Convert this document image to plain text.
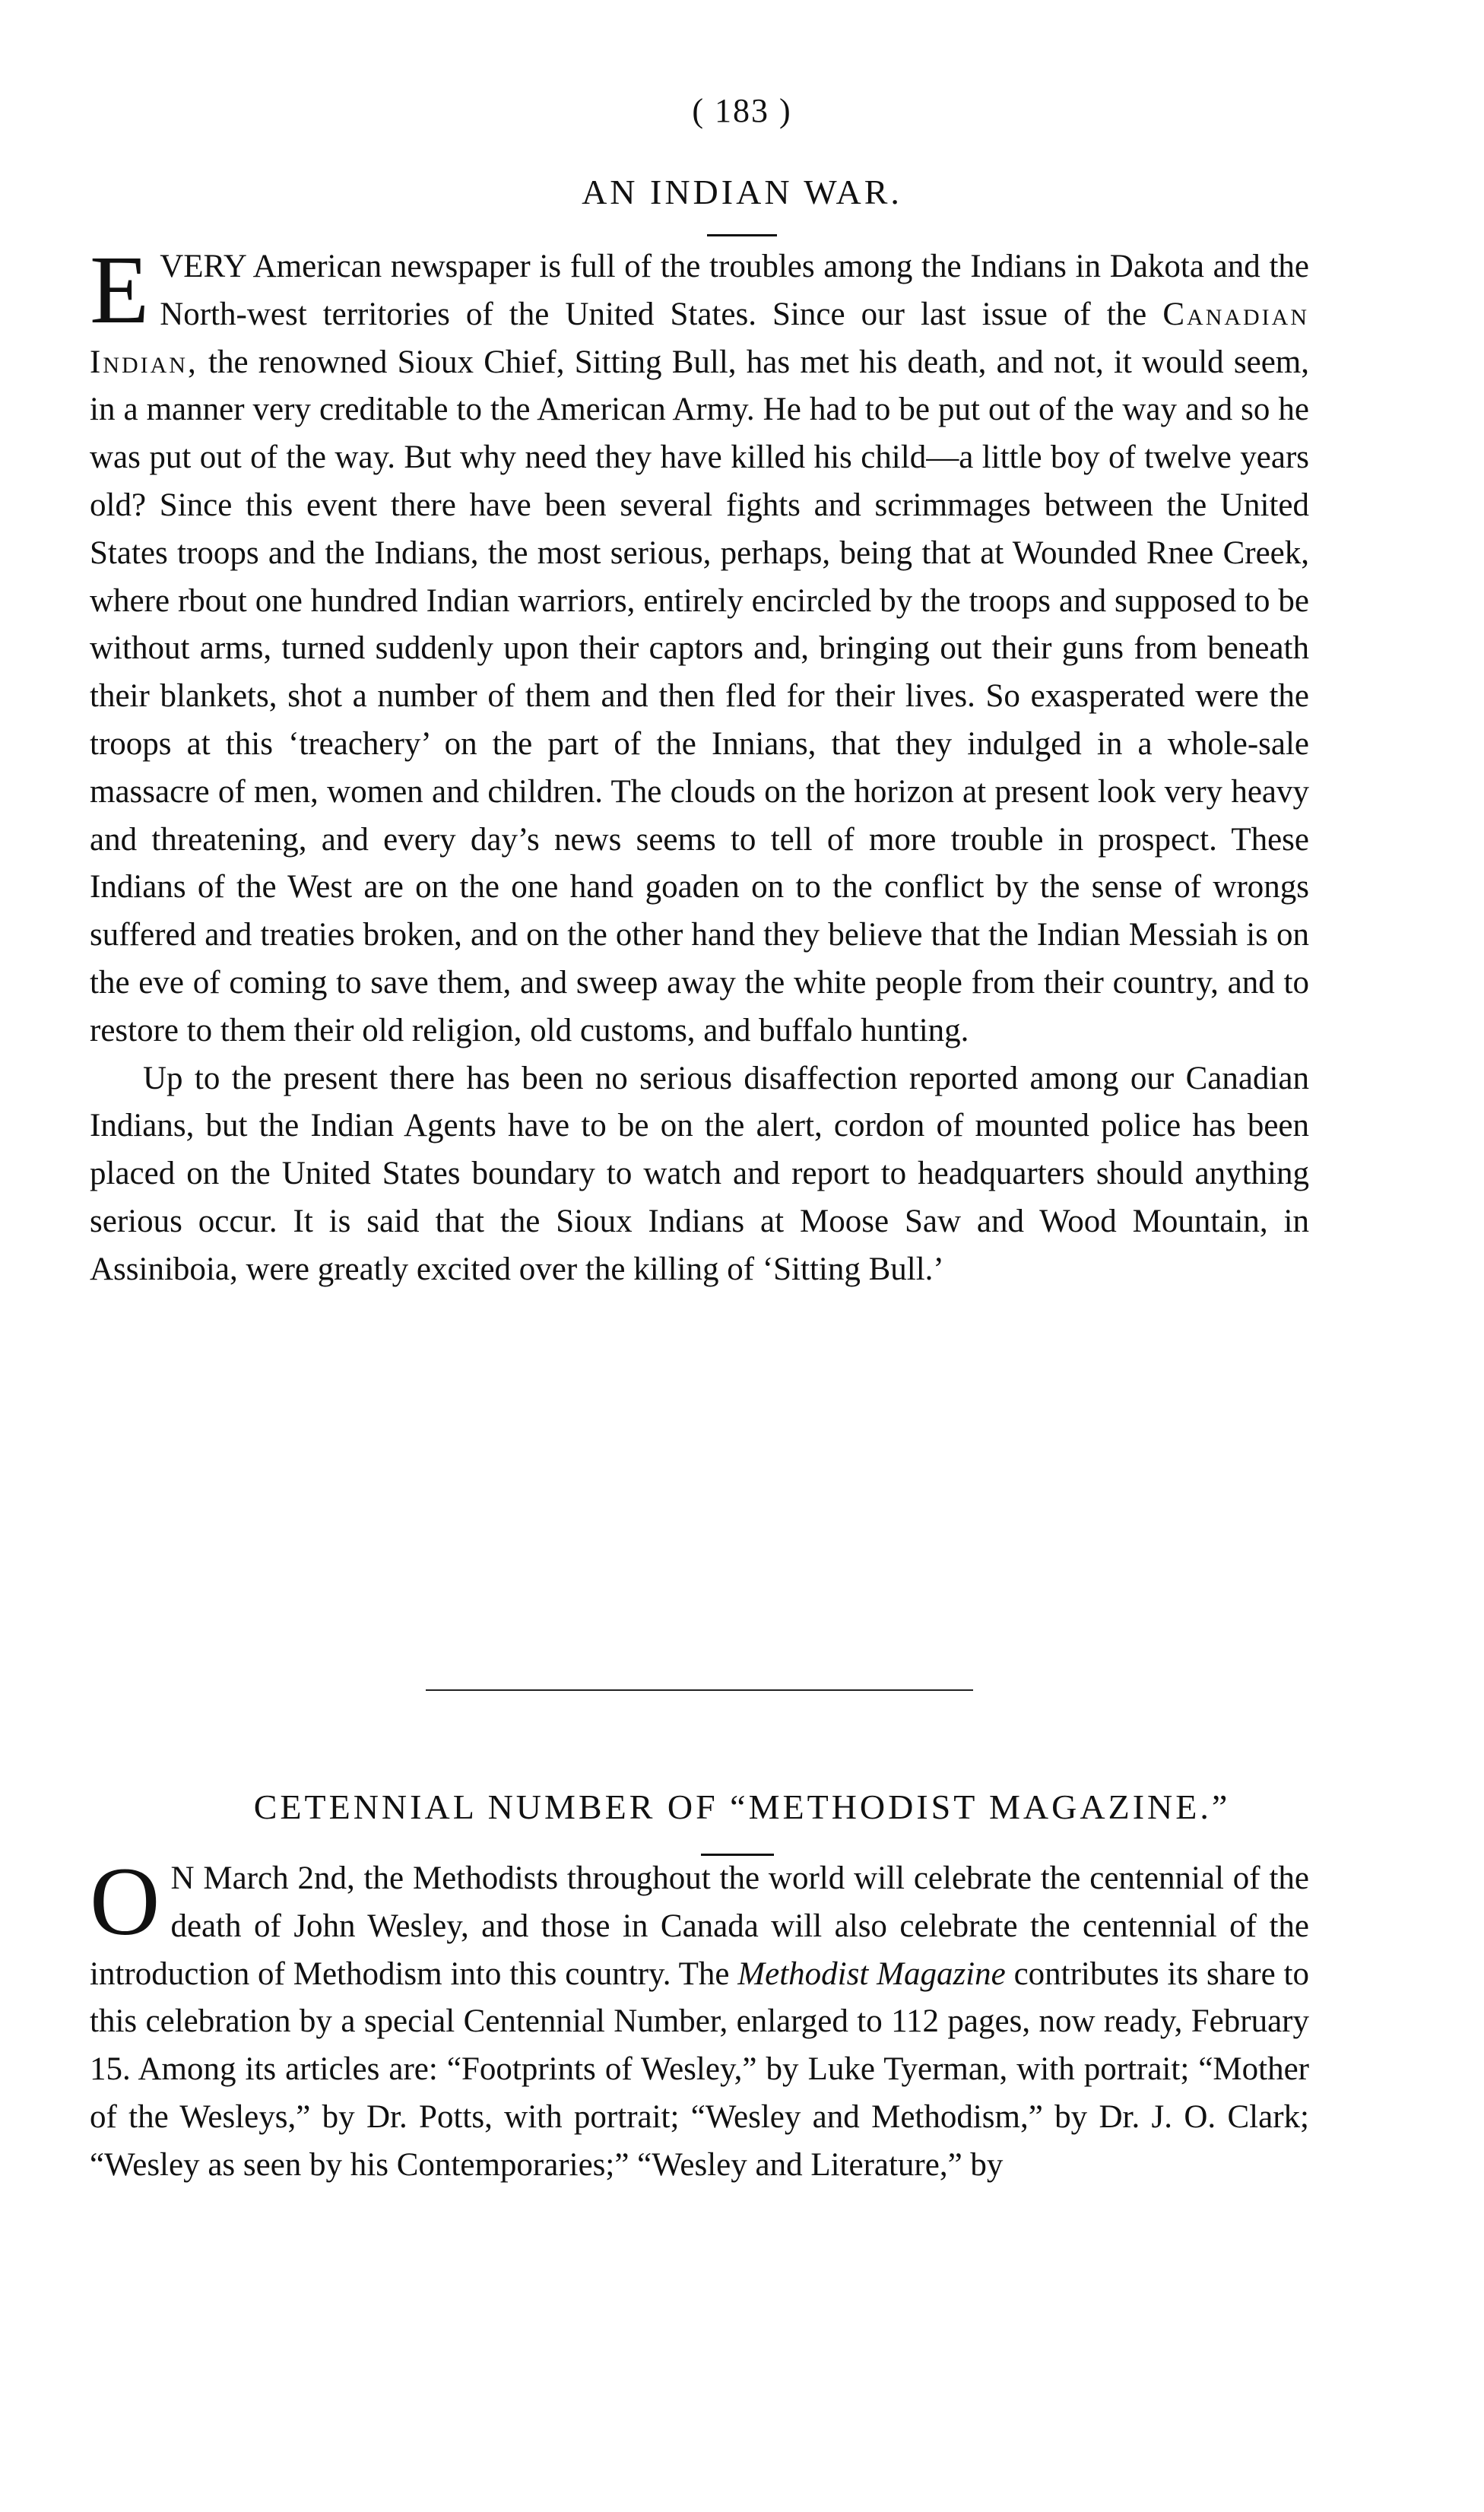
( 183 )
AN INDIAN WAR.

EVERY American newspaper is full of the troubles among the Indians in Dakota and the North-west territories of the United States. Since our last issue of the Canadian Indian, the renowned Sioux Chief, Sitting Bull, has met his death, and not, it would seem, in a manner very creditable to the American Army. He had to be put out of the way and so he was put out of the way. But why need they have killed his child—a little boy of twelve years old? Since this event there have been several fights and scrimmages between the United States troops and the Indians, the most serious, perhaps, being that at Wounded Rnee Creek, where rbout one hundred Indian warriors, entirely encircled by the troops and supposed to be without arms, turned suddenly upon their captors and, bringing out their guns from beneath their blankets, shot a number of them and then fled for their lives. So exasperated were the troops at this ‘treachery’ on the part of the Innians, that they indulged in a whole-sale massacre of men, women and children. The clouds on the horizon at present look very heavy and threatening, and every day’s news seems to tell of more trouble in prospect. These Indians of the West are on the one hand goaden on to the conflict by the sense of wrongs suffered and treaties broken, and on the other hand they believe that the Indian Messiah is on the eve of coming to save them, and sweep away the white people from their country, and to restore to them their old religion, old customs, and buffalo hunting.

Up to the present there has been no serious disaffection reported among our Canadian Indians, but the Indian Agents have to be on the alert, cordon of mounted police has been placed on the United States boundary to watch and report to headquarters should anything serious occur. It is said that the Sioux Indians at Moose Saw and Wood Mountain, in Assiniboia, were greatly excited over the killing of ‘Sitting Bull.’

CETENNIAL NUMBER OF “METHODIST MAGAZINE.”

O N March 2nd, the Methodists throughout the world will celebrate the centennial of the death of John Wesley, and those in Canada will also celebrate the centennial of the introduction of Methodism into this country. The Methodist Magazine contributes its share to this celebration by a special Centennial Number, enlarged to 112 pages, now ready, February 15. Among its articles are: “Footprints of Wesley,” by Luke Tyerman, with portrait; “Mother of the Wesleys,” by Dr. Potts, with portrait; “Wesley and Methodism,” by Dr. J. O. Clark; “Wesley as seen by his Contemporaries;” “Wesley and Literature,” by
